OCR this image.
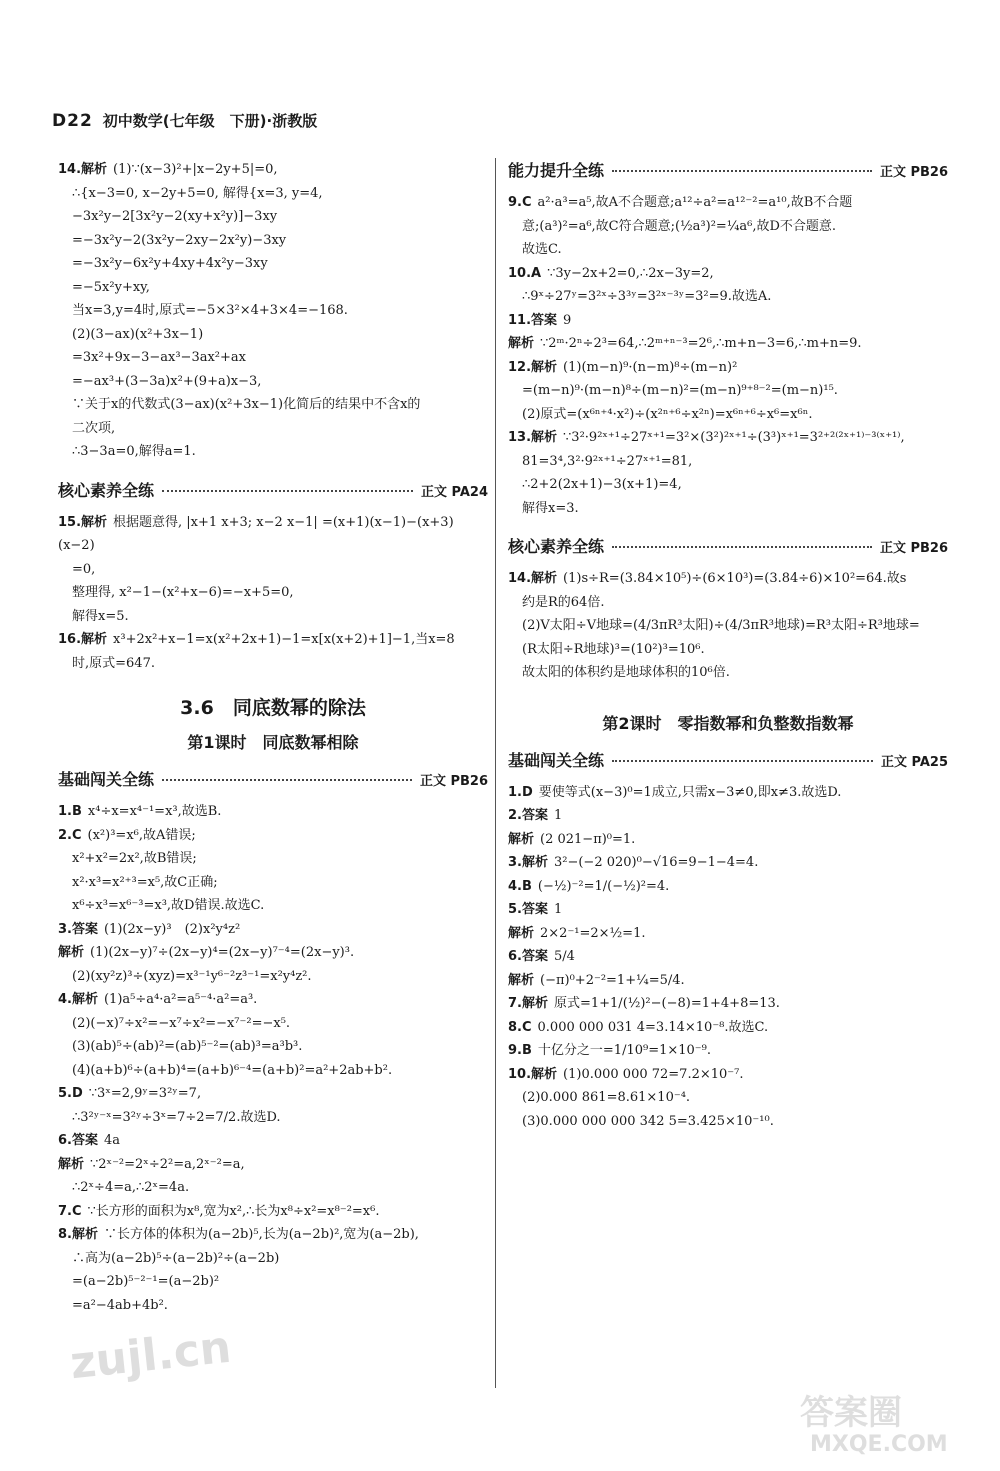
D22 初中数学(七年级　下册)·浙教版
14.解析 (1)∵(x−3)²+|x−2y+5|=0,
∴{x−3=0, x−2y+5=0, 解得{x=3, y=4,
−3x²y−2[3x²y−2(xy+x²y)]−3xy
=−3x²y−2(3x²y−2xy−2x²y)−3xy
=−3x²y−6x²y+4xy+4x²y−3xy
=−5x²y+xy,
当x=3,y=4时,原式=−5×3²×4+3×4=−168.
(2)(3−ax)(x²+3x−1)
=3x²+9x−3−ax³−3ax²+ax
=−ax³+(3−3a)x²+(9+a)x−3,
∵关于x的代数式(3−ax)(x²+3x−1)化简后的结果中不含x的
二次项,
∴3−3a=0,解得a=1.
核心素养全练	正文 PA24
15.解析 根据题意得, |x+1 x+3; x−2 x−1| =(x+1)(x−1)−(x+3)(x−2)
=0,
整理得, x²−1−(x²+x−6)=−x+5=0,
解得x=5.
16.解析 x³+2x²+x−1=x(x²+2x+1)−1=x[x(x+2)+1]−1,当x=8
时,原式=647.
3.6　同底数幂的除法
第1课时　同底数幂相除
基础闯关全练	正文 PB26
1.B x⁴÷x=x⁴⁻¹=x³,故选B.
2.C (x²)³=x⁶,故A错误;
x²+x²=2x²,故B错误;
x²·x³=x²⁺³=x⁵,故C正确;
x⁶÷x³=x⁶⁻³=x³,故D错误.故选C.
3.答案 (1)(2x−y)³　(2)x²y⁴z²
解析 (1)(2x−y)⁷÷(2x−y)⁴=(2x−y)⁷⁻⁴=(2x−y)³.
(2)(xy²z)³÷(xyz)=x³⁻¹y⁶⁻²z³⁻¹=x²y⁴z².
4.解析 (1)a⁵÷a⁴·a²=a⁵⁻⁴·a²=a³.
(2)(−x)⁷÷x²=−x⁷÷x²=−x⁷⁻²=−x⁵.
(3)(ab)⁵÷(ab)²=(ab)⁵⁻²=(ab)³=a³b³.
(4)(a+b)⁶÷(a+b)⁴=(a+b)⁶⁻⁴=(a+b)²=a²+2ab+b².
5.D ∵3ˣ=2,9ʸ=3²ʸ=7,
∴3²ʸ⁻ˣ=3²ʸ÷3ˣ=7÷2=7/2.故选D.
6.答案 4a
解析 ∵2ˣ⁻²=2ˣ÷2²=a,2ˣ⁻²=a,
∴2ˣ÷4=a,∴2ˣ=4a.
7.C ∵长方形的面积为x⁸,宽为x²,∴长为x⁸÷x²=x⁸⁻²=x⁶.
8.解析 ∵长方体的体积为(a−2b)⁵,长为(a−2b)²,宽为(a−2b),
∴高为(a−2b)⁵÷(a−2b)²÷(a−2b)
=(a−2b)⁵⁻²⁻¹=(a−2b)²
=a²−4ab+4b².
能力提升全练	正文 PB26
9.C a²·a³=a⁵,故A不合题意;a¹²÷a²=a¹²⁻²=a¹⁰,故B不合题
意;(a³)²=a⁶,故C符合题意;(½a³)²=¼a⁶,故D不合题意.
故选C.
10.A ∵3y−2x+2=0,∴2x−3y=2,
∴9ˣ÷27ʸ=3²ˣ÷3³ʸ=3²ˣ⁻³ʸ=3²=9.故选A.
11.答案 9
解析 ∵2ᵐ·2ⁿ÷2³=64,∴2ᵐ⁺ⁿ⁻³=2⁶,∴m+n−3=6,∴m+n=9.
12.解析 (1)(m−n)⁹·(n−m)⁸÷(m−n)²
=(m−n)⁹·(m−n)⁸÷(m−n)²=(m−n)⁹⁺⁸⁻²=(m−n)¹⁵.
(2)原式=(x⁶ⁿ⁺⁴·x²)÷(x²ⁿ⁺⁶÷x²ⁿ)=x⁶ⁿ⁺⁶÷x⁶=x⁶ⁿ.
13.解析 ∵3²·9²ˣ⁺¹÷27ˣ⁺¹=3²×(3²)²ˣ⁺¹÷(3³)ˣ⁺¹=3²⁺²⁽²ˣ⁺¹⁾⁻³⁽ˣ⁺¹⁾,
81=3⁴,3²·9²ˣ⁺¹÷27ˣ⁺¹=81,
∴2+2(2x+1)−3(x+1)=4,
解得x=3.
核心素养全练	正文 PB26
14.解析 (1)s÷R=(3.84×10⁵)÷(6×10³)=(3.84÷6)×10²=64.故s
约是R的64倍.
(2)V太阳÷V地球=(4/3πR³太阳)÷(4/3πR³地球)=R³太阳÷R³地球=
(R太阳÷R地球)³=(10²)³=10⁶.
故太阳的体积约是地球体积的10⁶倍.
第2课时　零指数幂和负整数指数幂
基础闯关全练	正文 PA25
1.D 要使等式(x−3)⁰=1成立,只需x−3≠0,即x≠3.故选D.
2.答案 1
解析 (2 021−π)⁰=1.
3.解析 3²−(−2 020)⁰−√16=9−1−4=4.
4.B (−½)⁻²=1/(−½)²=4.
5.答案 1
解析 2×2⁻¹=2×½=1.
6.答案 5/4
解析 (−π)⁰+2⁻²=1+¼=5/4.
7.解析 原式=1+1/(½)²−(−8)=1+4+8=13.
8.C 0.000 000 031 4=3.14×10⁻⁸.故选C.
9.B 十亿分之一=1/10⁹=1×10⁻⁹.
10.解析 (1)0.000 000 72=7.2×10⁻⁷.
(2)0.000 861=8.61×10⁻⁴.
(3)0.000 000 000 342 5=3.425×10⁻¹⁰.
zujl.cn
答案圈
MXQE.COM
